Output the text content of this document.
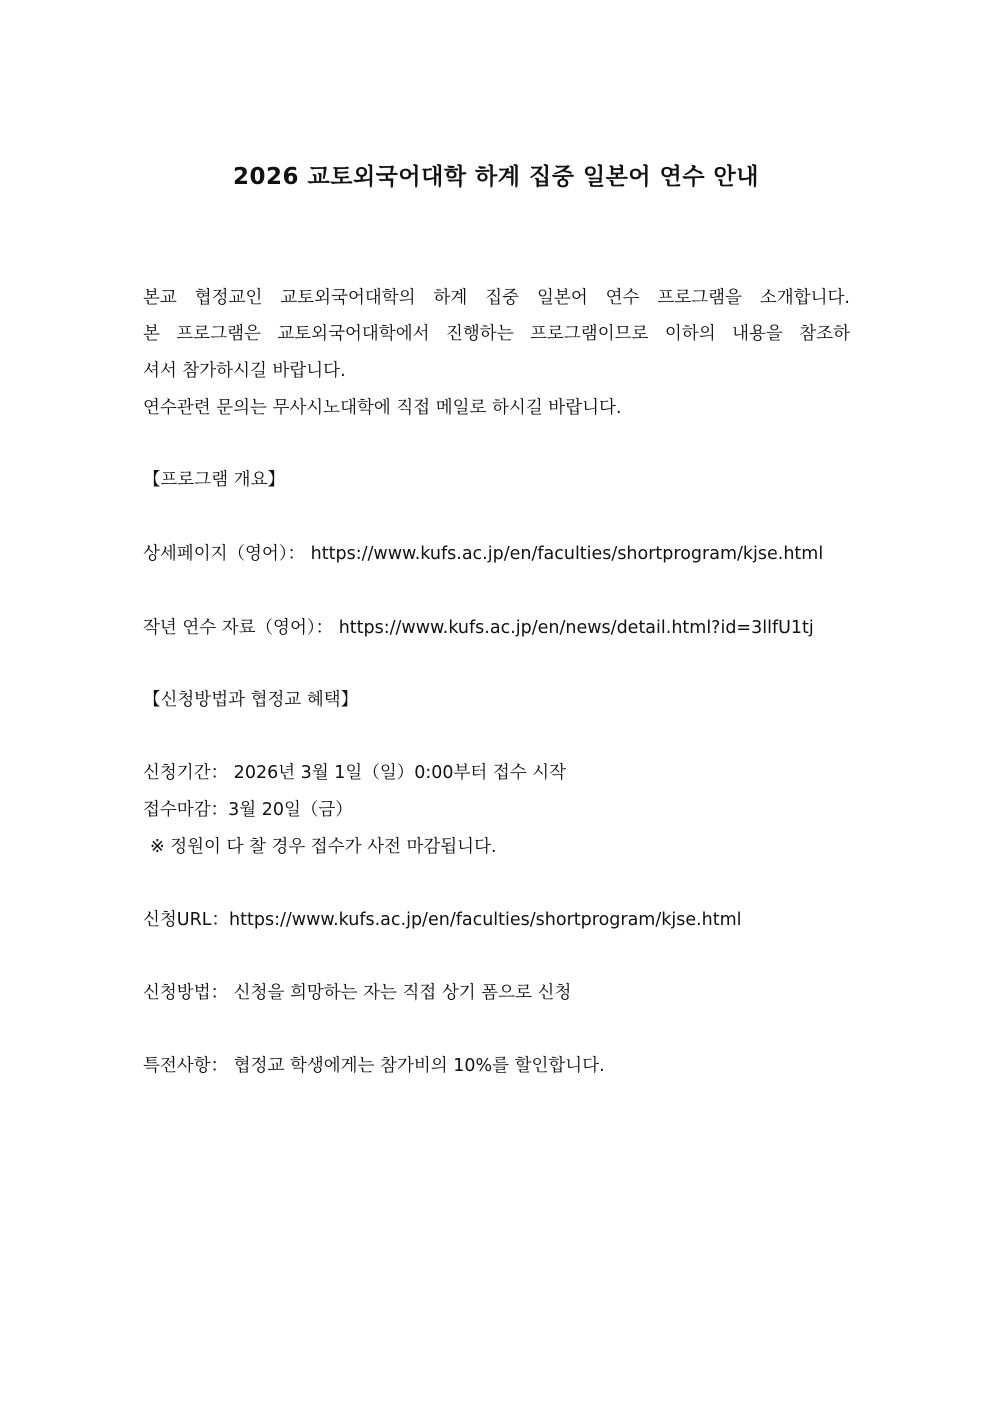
2026 교토외국어대학 하계 집중 일본어 연수 안내

본교 협정교인 교토외국어대학의 하계 집중 일본어 연수 프로그램을 소개합니다.

본 프로그램은 교토외국어대학에서 진행하는 프로그램이므로 이하의 내용을 참조하

셔서 참가하시길 바랍니다.

연수관련 문의는 무사시노대학에 직접 메일로 하시길 바랍니다.

【프로그램 개요】

상세페이지（영어）： https://www.kufs.ac.jp/en/faculties/shortprogram/kjse.html

작년 연수 자료（영어）： https://www.kufs.ac.jp/en/news/detail.html?id=3llfU1tj

【신청방법과 협정교 혜택】

신청기간： 2026년 3월 1일（일）0:00부터 접수 시작

접수마감：3월 20일（금）

※ 정원이 다 찰 경우 접수가 사전 마감됩니다.

신청URL：https://www.kufs.ac.jp/en/faculties/shortprogram/kjse.html

신청방법： 신청을 희망하는 자는 직접 상기 폼으로 신청

특전사항： 협정교 학생에게는 참가비의 10%를 할인합니다.
